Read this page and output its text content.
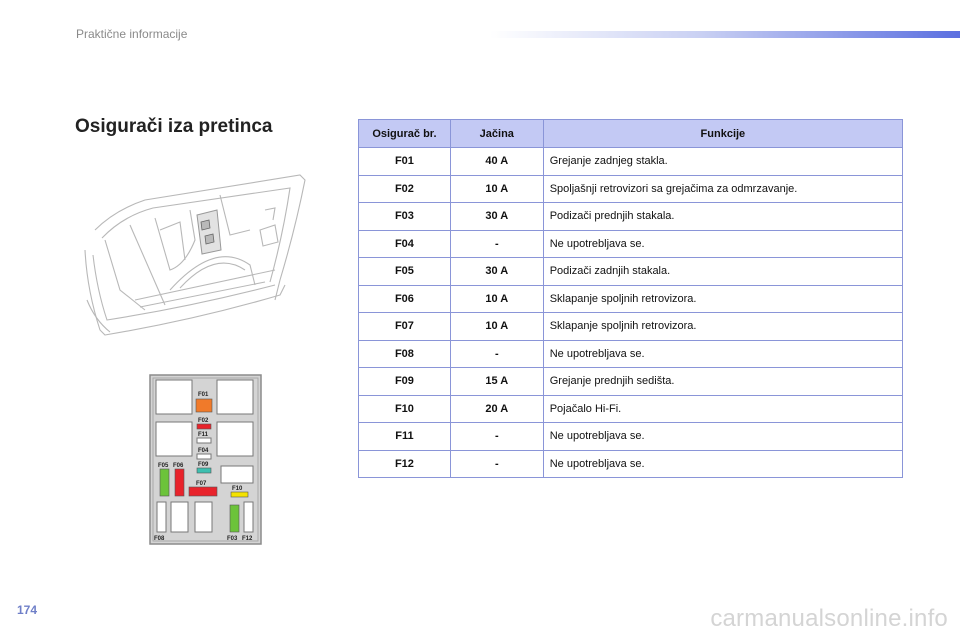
Praktične informacije
Osigurači iza pretinca
F01
F02
F11
F04
F05 F06 F09
F07
F10
F08	F03 F12
Osigurač br.	Jačina	Funkcije
F01	40 A	Grejanje zadnjeg stakla.
F02	10 A	Spoljašnji retrovizori sa grejačima za odmrzavanje.
F03	30 A	Podizači prednjih stakala.
F04	-	Ne upotrebljava se.
F05	30 A	Podizači zadnjih stakala.
F06	10 A	Sklapanje spoljnih retrovizora.
F07	10 A	Sklapanje spoljnih retrovizora.
F08	-	Ne upotrebljava se.
F09	15 A	Grejanje prednjih sedišta.
F10	20 A	Pojačalo Hi-Fi.
F11	-	Ne upotrebljava se.
F12	-	Ne upotrebljava se.
174	carmanualsonline.info
